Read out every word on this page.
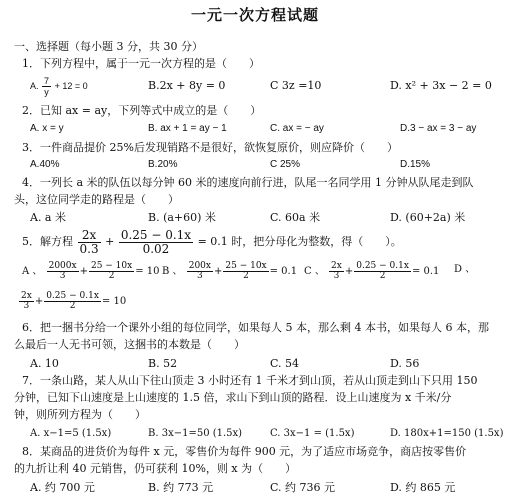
一元一次方程试题
一、选择题（每小题 3 分，共 30 分）
1．下列方程中，属于一元一次方程的是（　　）
A. $\frac{7}{y} + 12 = 0$	B.2x + 8y = 0	C 3z =10	D. x² + 3x − 2 = 0
2．已知 ax = ay，下列等式中成立的是（　　）
A. x = y	B. ax + 1 = ay − 1	C. ax = − ay	D.3 − ax = 3 − ay
3．一件商品提价 25%后发现销路不是很好，欲恢复原价，则应降价（　　）
A.40%	B.20%	C 25%	D.15%
4．一列长 a 米的队伍以每分钟 60 米的速度向前行进，队尾一名同学用 1 分钟从队尾走到队
头，这位同学走的路程是（　　）
A. a 米	B. (a+60) 米	C. 60a 米	D. (60+2a) 米
5．解方程 $\frac{2x}{0.3} + \frac{0.25 - 0.1x}{0.02} = 0.1$ 时，把分母化为整数，得（　　）。
A 、 $\frac{2000x}{3} + \frac{25 - 10x}{2} = 10$ B 、 $\frac{200x}{3} + \frac{25 - 10x}{2} = 0.1$ C 、 $\frac{2x}{3} + \frac{0.25 - 0.1x}{2} = 0.1$ D 、
$\frac{2x}{3} + \frac{0.25 - 0.1x}{2} = 10$
6．把一捆书分给一个课外小组的每位同学，如果每人 5 本，那么剩 4 本书，如果每人 6 本，那
么最后一人无书可领，这捆书的本数是（　　）
A. 10	B. 52	C. 54	D. 56
7．一条山路，某人从山下往山顶走 3 小时还有 1 千米才到山顶，若从山顶走到山下只用 150
分钟，已知下山速度是上山速度的 1.5 倍，求山下到山顶的路程．设上山速度为 x 千米/分
钟，则所列方程为（　　）
A. x−1=5 (1.5x)	B. 3x−1=50 (1.5x)	C. 3x−1 = (1.5x)	D. 180x+1=150 (1.5x)
8．某商品的进货价为每件 x 元，零售价为每件 900 元，为了适应市场竞争，商店按零售价
的九折让利 40 元销售，仍可获利 10%，则 x 为（　　）
A. 约 700 元	B. 约 773 元	C. 约 736 元	D. 约 865 元
